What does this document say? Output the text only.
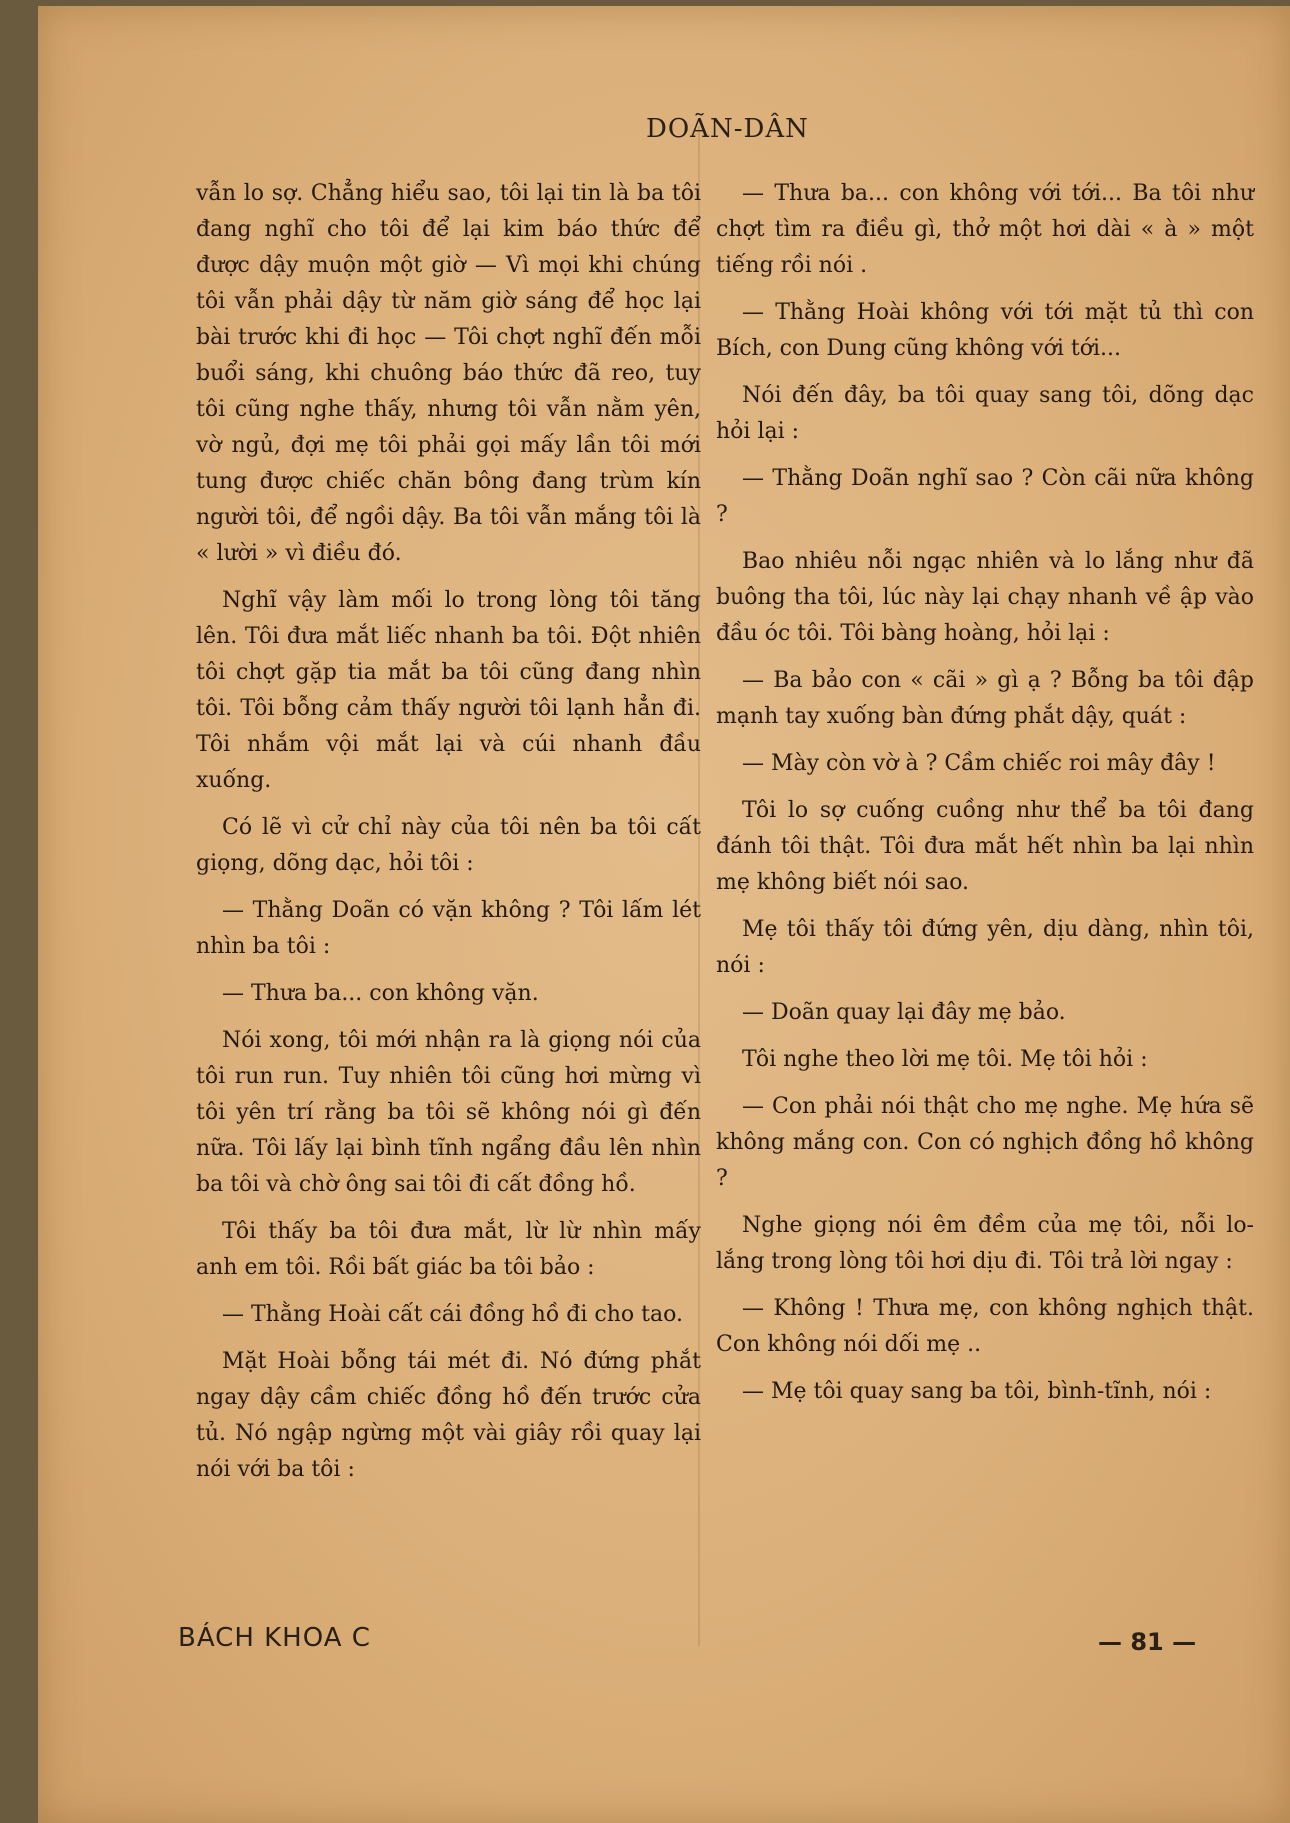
DOÃN-DÂN

vẫn lo sợ. Chẳng hiểu sao, tôi lại tin là ba tôi đang nghĩ cho tôi để lại kim báo thức để được dậy muộn một giờ — Vì mọi khi chúng tôi vẫn phải dậy từ năm giờ sáng để học lại bài trước khi đi học — Tôi chợt nghĩ đến mỗi buổi sáng, khi chuông báo thức đã reo, tuy tôi cũng nghe thấy, nhưng tôi vẫn nằm yên, vờ ngủ, đợi mẹ tôi phải gọi mấy lần tôi mới tung được chiếc chăn bông đang trùm kín người tôi, để ngồi dậy. Ba tôi vẫn mắng tôi là « lười » vì điều đó.

Nghĩ vậy làm mối lo trong lòng tôi tăng lên. Tôi đưa mắt liếc nhanh ba tôi. Đột nhiên tôi chợt gặp tia mắt ba tôi cũng đang nhìn tôi. Tôi bỗng cảm thấy người tôi lạnh hẳn đi. Tôi nhắm vội mắt lại và cúi nhanh đầu xuống.

Có lẽ vì cử chỉ này của tôi nên ba tôi cất giọng, dõng dạc, hỏi tôi :

— Thằng Doãn có vặn không ? Tôi lấm lét nhìn ba tôi :

— Thưa ba... con không vặn.

Nói xong, tôi mới nhận ra là giọng nói của tôi run run. Tuy nhiên tôi cũng hơi mừng vì tôi yên trí rằng ba tôi sẽ không nói gì đến nữa. Tôi lấy lại bình tĩnh ngẩng đầu lên nhìn ba tôi và chờ ông sai tôi đi cất đồng hồ.

Tôi thấy ba tôi đưa mắt, lừ lừ nhìn mấy anh em tôi. Rồi bất giác ba tôi bảo :

— Thằng Hoài cất cái đồng hồ đi cho tao.

Mặt Hoài bỗng tái mét đi. Nó đứng phắt ngay dậy cầm chiếc đồng hồ đến trước cửa tủ. Nó ngập ngừng một vài giây rồi quay lại nói với ba tôi :

— Thưa ba... con không với tới... Ba tôi như chợt tìm ra điều gì, thở một hơi dài « à » một tiếng rồi nói .

— Thằng Hoài không với tới mặt tủ thì con Bích, con Dung cũng không với tới...

Nói đến đây, ba tôi quay sang tôi, dõng dạc hỏi lại :

— Thằng Doãn nghĩ sao ? Còn cãi nữa không ?

Bao nhiêu nỗi ngạc nhiên và lo lắng như đã buông tha tôi, lúc này lại chạy nhanh về ập vào đầu óc tôi. Tôi bàng hoàng, hỏi lại :

— Ba bảo con « cãi » gì ạ ? Bỗng ba tôi đập mạnh tay xuống bàn đứng phắt dậy, quát :

— Mày còn vờ à ? Cầm chiếc roi mây đây !

Tôi lo sợ cuống cuồng như thể ba tôi đang đánh tôi thật. Tôi đưa mắt hết nhìn ba lại nhìn mẹ không biết nói sao.

Mẹ tôi thấy tôi đứng yên, dịu dàng, nhìn tôi, nói :

— Doãn quay lại đây mẹ bảo.

Tôi nghe theo lời mẹ tôi. Mẹ tôi hỏi :

— Con phải nói thật cho mẹ nghe. Mẹ hứa sẽ không mắng con. Con có nghịch đồng hồ không ?

Nghe giọng nói êm đềm của mẹ tôi, nỗi lo-lắng trong lòng tôi hơi dịu đi. Tôi trả lời ngay :

— Không ! Thưa mẹ, con không nghịch thật. Con không nói dối mẹ ..

— Mẹ tôi quay sang ba tôi, bình-tĩnh, nói :

BÁCH KHOA C	— 81 —
